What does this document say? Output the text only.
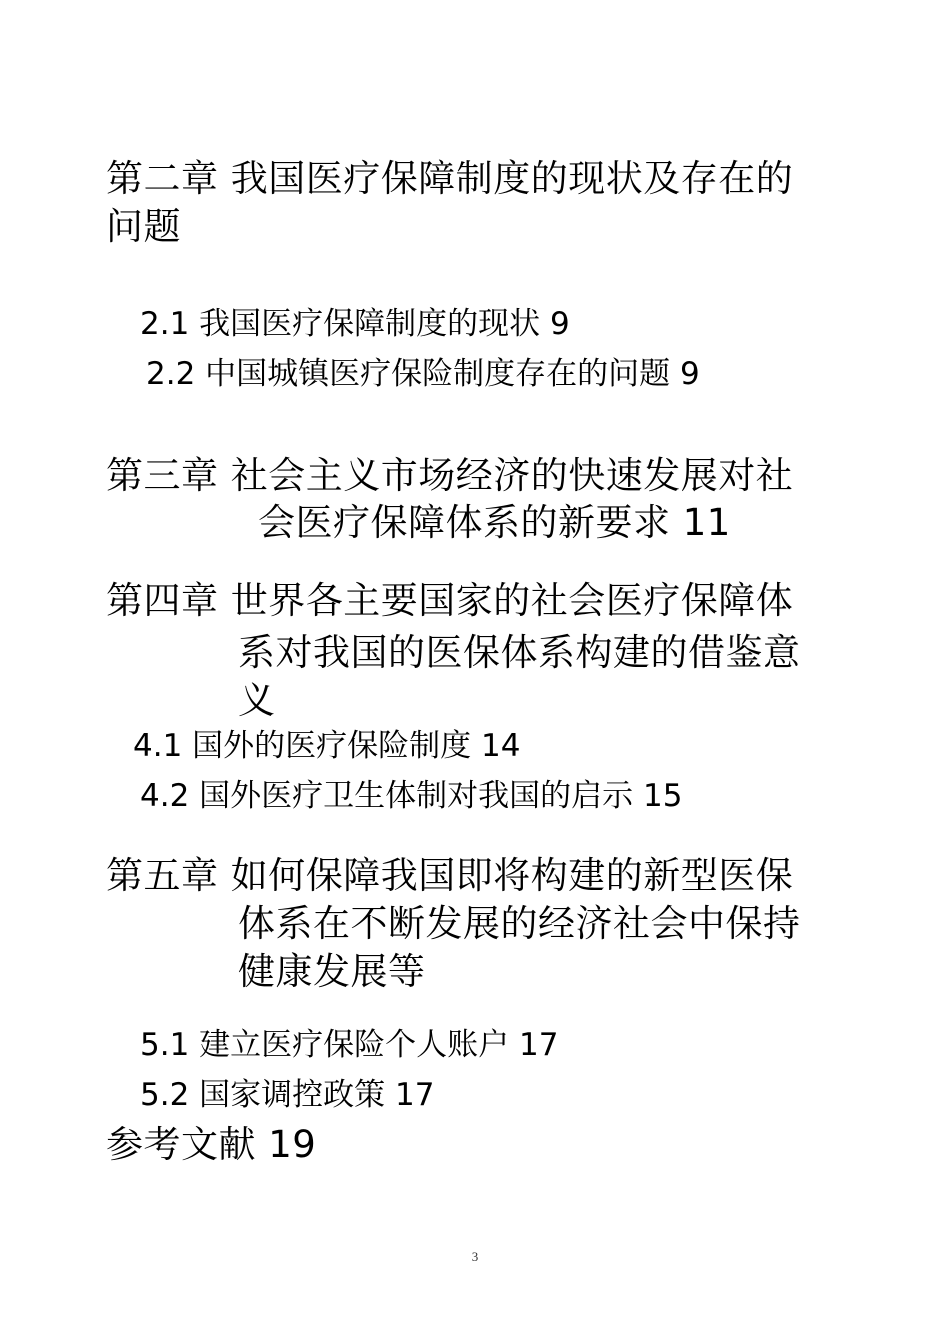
第二章 我国医疗保障制度的现状及存在的
问题
2.1 我国医疗保障制度的现状 9
2.2 中国城镇医疗保险制度存在的问题 9
第三章 社会主义市场经济的快速发展对社
会医疗保障体系的新要求 11
第四章 世界各主要国家的社会医疗保障体
系对我国的医保体系构建的借鉴意
义
4.1 国外的医疗保险制度 14
4.2 国外医疗卫生体制对我国的启示 15
第五章 如何保障我国即将构建的新型医保
体系在不断发展的经济社会中保持
健康发展等
5.1 建立医疗保险个人账户 17
5.2 国家调控政策 17
参考文献 19
3
